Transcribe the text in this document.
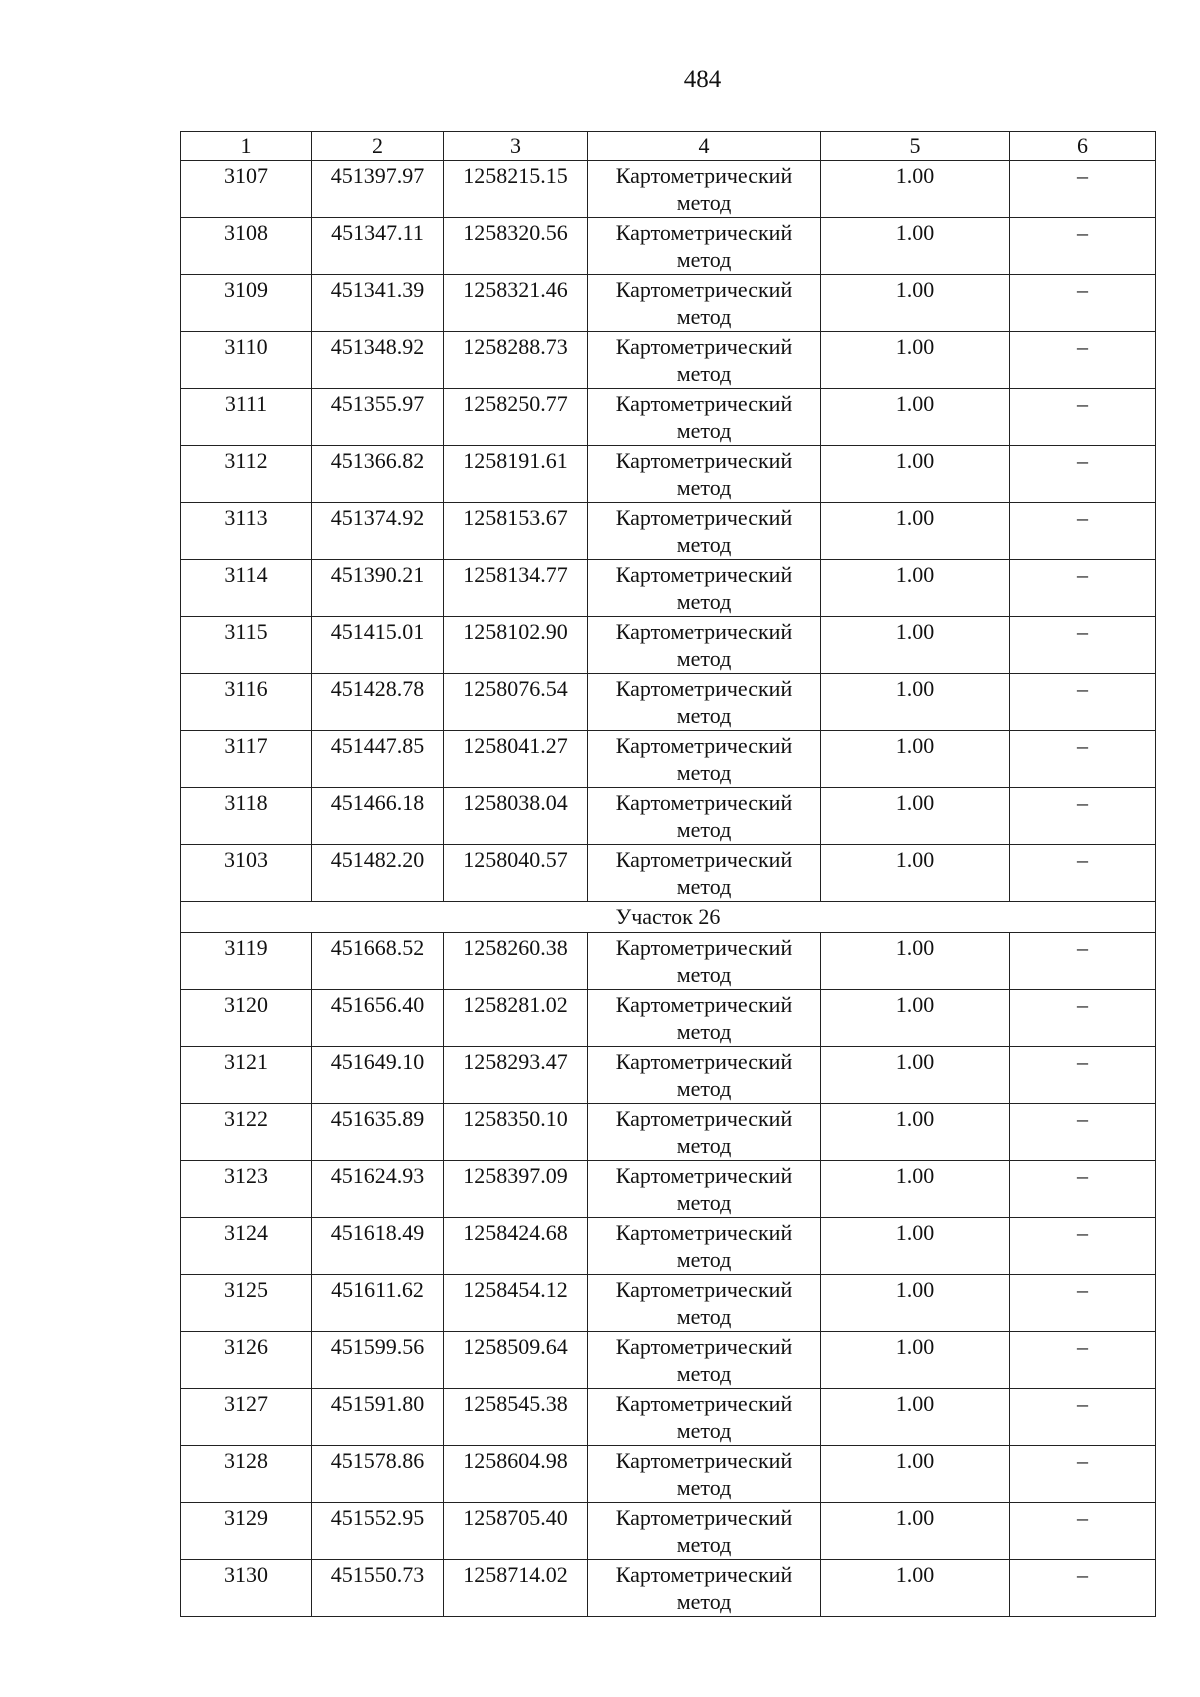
484
1	2	3	4	5	6
3107	451397.97	1258215.15	Картометрический метод	1.00	–
3108	451347.11	1258320.56	Картометрический метод	1.00	–
3109	451341.39	1258321.46	Картометрический метод	1.00	–
3110	451348.92	1258288.73	Картометрический метод	1.00	–
3111	451355.97	1258250.77	Картометрический метод	1.00	–
3112	451366.82	1258191.61	Картометрический метод	1.00	–
3113	451374.92	1258153.67	Картометрический метод	1.00	–
3114	451390.21	1258134.77	Картометрический метод	1.00	–
3115	451415.01	1258102.90	Картометрический метод	1.00	–
3116	451428.78	1258076.54	Картометрический метод	1.00	–
3117	451447.85	1258041.27	Картометрический метод	1.00	–
3118	451466.18	1258038.04	Картометрический метод	1.00	–
3103	451482.20	1258040.57	Картометрический метод	1.00	–
Участок 26					
3119	451668.52	1258260.38	Картометрический метод	1.00	–
3120	451656.40	1258281.02	Картометрический метод	1.00	–
3121	451649.10	1258293.47	Картометрический метод	1.00	–
3122	451635.89	1258350.10	Картометрический метод	1.00	–
3123	451624.93	1258397.09	Картометрический метод	1.00	–
3124	451618.49	1258424.68	Картометрический метод	1.00	–
3125	451611.62	1258454.12	Картометрический метод	1.00	–
3126	451599.56	1258509.64	Картометрический метод	1.00	–
3127	451591.80	1258545.38	Картометрический метод	1.00	–
3128	451578.86	1258604.98	Картометрический метод	1.00	–
3129	451552.95	1258705.40	Картометрический метод	1.00	–
3130	451550.73	1258714.02	Картометрический метод	1.00	–
